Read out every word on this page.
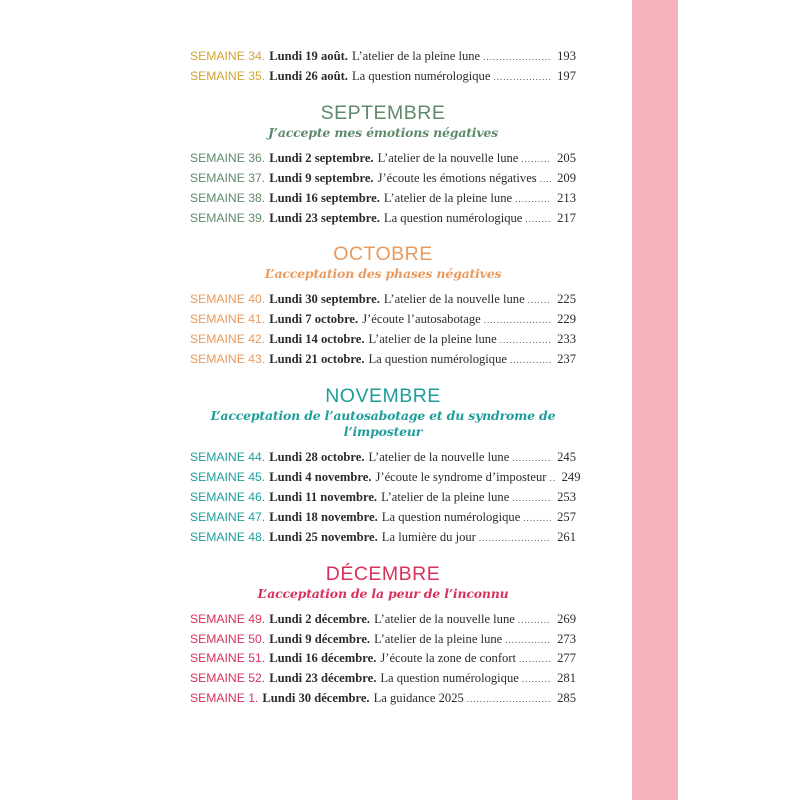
SEMAINE 34. Lundi 19 août. L’atelier de la pleine lune .....	193
SEMAINE 35. Lundi 26 août. La question numérologique .....	197
SEPTEMBRE
J’accepte mes émotions négatives
SEMAINE 36. Lundi 2 septembre. L’atelier de la nouvelle lune .....	205
SEMAINE 37. Lundi 9 septembre. J’écoute les émotions négatives ..... 209
SEMAINE 38. Lundi 16 septembre. L’atelier de la pleine lune .....	213
SEMAINE 39. Lundi 23 septembre. La question numérologique .....	217
OCTOBRE
L’acceptation des phases négatives
SEMAINE 40. Lundi 30 septembre. L’atelier de la nouvelle lune .....	225
SEMAINE 41. Lundi 7 octobre. J’écoute l’autosabotage .....	229
SEMAINE 42. Lundi 14 octobre. L’atelier de la pleine lune .....	233
SEMAINE 43. Lundi 21 octobre. La question numérologique .....	237
NOVEMBRE
L’acceptation de l’autosabotage et du syndrome de l’imposteur
SEMAINE 44. Lundi 28 octobre. L’atelier de la nouvelle lune .....	245
SEMAINE 45. Lundi 4 novembre. J’écoute le syndrome d’imposteur ..... 249
SEMAINE 46. Lundi 11 novembre. L’atelier de la pleine lune .....	253
SEMAINE 47. Lundi 18 novembre. La question numérologique .....	257
SEMAINE 48. Lundi 25 novembre. La lumière du jour .....	261
DÉCEMBRE
L’acceptation de la peur de l’inconnu
SEMAINE 49. Lundi 2 décembre. L’atelier de la nouvelle lune .....	269
SEMAINE 50. Lundi 9 décembre. L’atelier de la pleine lune .....	273
SEMAINE 51. Lundi 16 décembre. J’écoute la zone de confort .....	277
SEMAINE 52. Lundi 23 décembre. La question numérologique .....	281
SEMAINE 1. Lundi 30 décembre. La guidance 2025 .....	285
